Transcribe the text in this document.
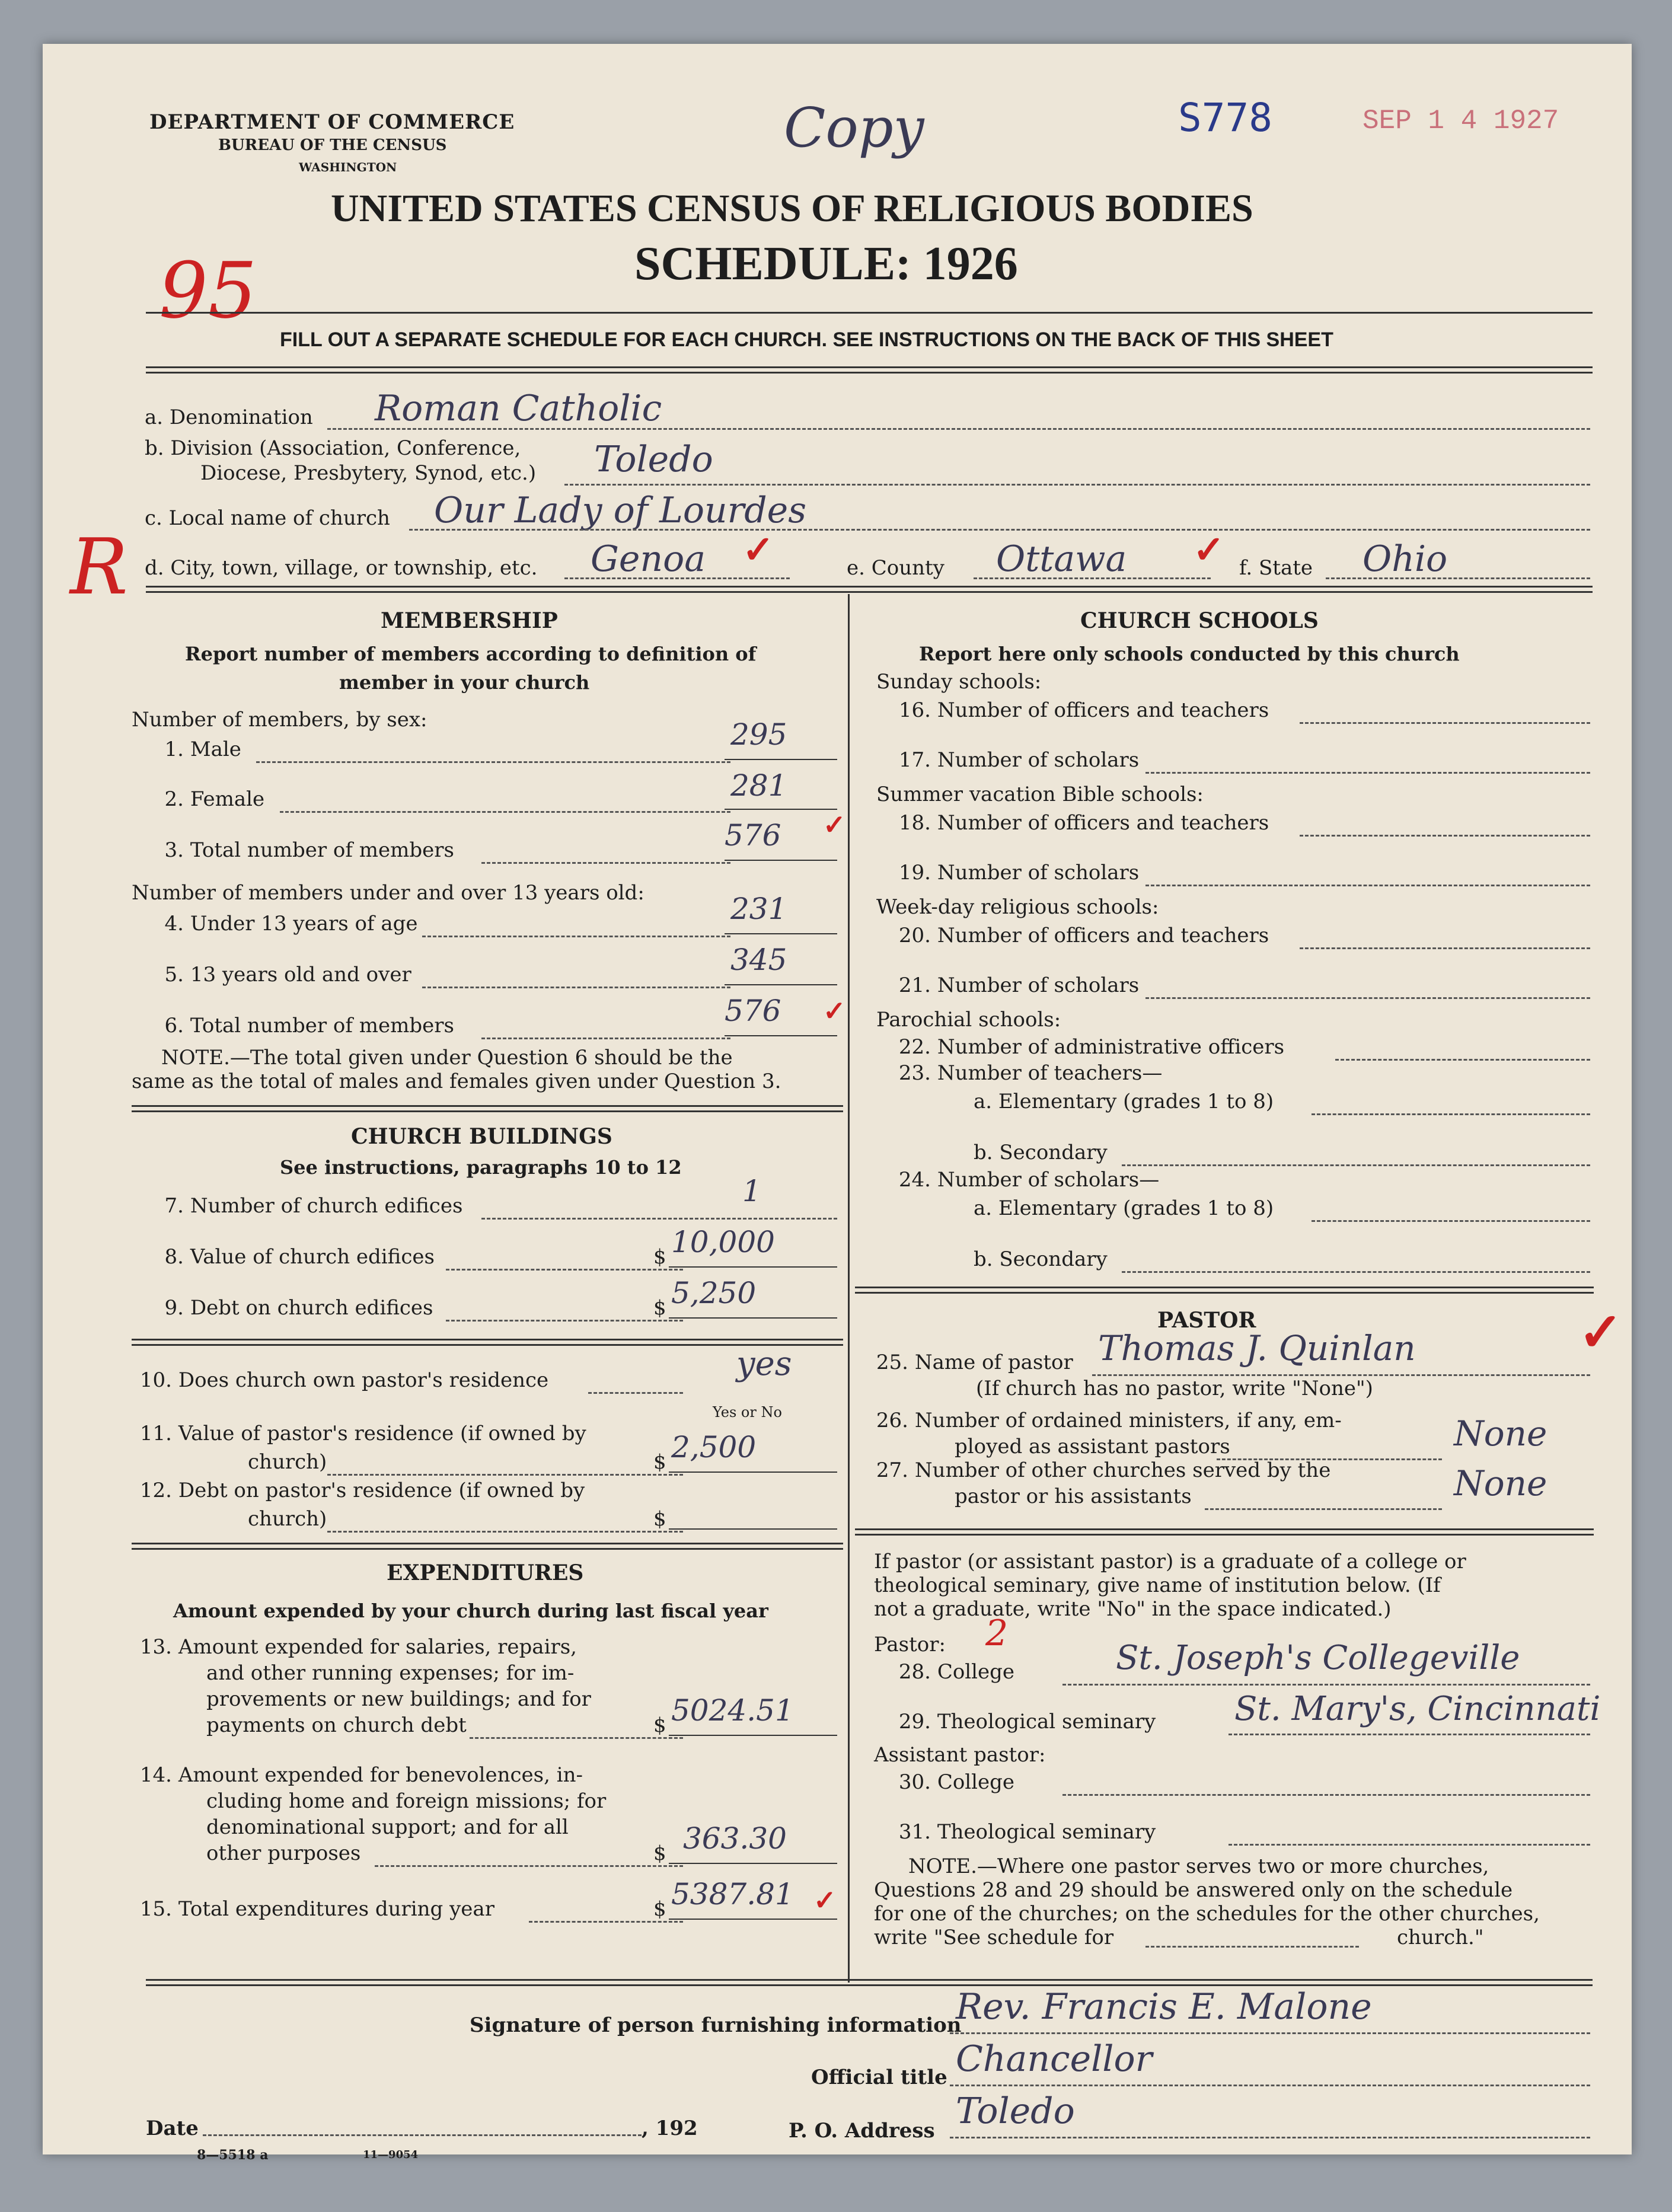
DEPARTMENT OF COMMERCE
BUREAU OF THE CENSUS
WASHINGTON
Copy	S778	SEP 1 4 1927
UNITED STATES CENSUS OF RELIGIOUS BODIES
SCHEDULE: 1926
95
FILL OUT A SEPARATE SCHEDULE FOR EACH CHURCH. SEE INSTRUCTIONS ON THE BACK OF THIS SHEET
R
a. Denomination Roman Catholic
b. Division (Association, Conference,
Diocese, Presbytery, Synod, etc.) Toledo
c. Local name of church Our Lady of Lourdes
d. City, town, village, or township, etc. Genoa ✓	e. County Ottawa ✓ f. State Ohio
MEMBERSHIP
Report number of members according to definition of
member in your church
Number of members, by sex:
1. Male	295
2. Female	281
3. Total number of members	576 ✓
Number of members under and over 13 years old:
4. Under 13 years of age	231
5. 13 years old and over	345
6. Total number of members	576 ✓
NOTE.—The total given under Question 6 should be the
same as the total of males and females given under Question 3.
CHURCH BUILDINGS
See instructions, paragraphs 10 to 12
7. Number of church edifices	1
8. Value of church edifices	$ 10,000
9. Debt on church edifices	$ 5,250
10. Does church own pastor's residence	yes
Yes or No
11. Value of pastor's residence (if owned by
church)	$ 2,500
12. Debt on pastor's residence (if owned by
church)	$
EXPENDITURES
Amount expended by your church during last fiscal year
13. Amount expended for salaries, repairs,
and other running expenses; for im-
provements or new buildings; and for
payments on church debt	$ 5024.51
14. Amount expended for benevolences, in-
cluding home and foreign missions; for
denominational support; and for all
other purposes	$ 363.30
15. Total expenditures during year	$ 5387.81 ✓
CHURCH SCHOOLS
Report here only schools conducted by this church
Sunday schools:
16. Number of officers and teachers
17. Number of scholars
Summer vacation Bible schools:
18. Number of officers and teachers
19. Number of scholars
Week-day religious schools:
20. Number of officers and teachers
21. Number of scholars
Parochial schools:
22. Number of administrative officers
23. Number of teachers—
a. Elementary (grades 1 to 8)
b. Secondary
24. Number of scholars—
a. Elementary (grades 1 to 8)
b. Secondary
PASTOR
25. Name of pastor Thomas J. Quinlan	✓
(If church has no pastor, write "None")
26. Number of ordained ministers, if any, em-
ployed as assistant pastors	None
27. Number of other churches served by the
pastor or his assistants	None
If pastor (or assistant pastor) is a graduate of a college or
theological seminary, give name of institution below. (If
not a graduate, write "No" in the space indicated.)
Pastor: 2
28. College	St. Joseph's Collegeville
29. Theological seminary St. Mary's, Cincinnati
Assistant pastor:
30. College
31. Theological seminary
NOTE.—Where one pastor serves two or more churches,
Questions 28 and 29 should be answered only on the schedule
for one of the churches; on the schedules for the other churches,
write "See schedule for	church."
Signature of person furnishing information
Rev. Francis E. Malone
Official title Chancellor
Date	, 192	P. O. Address Toledo
8—5518 a	11—9054
